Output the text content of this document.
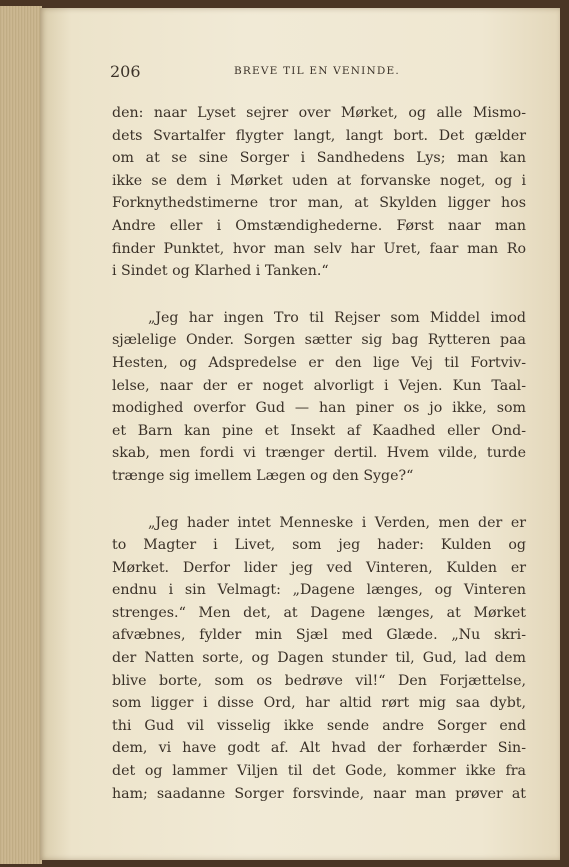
206	BREVE TIL EN VENINDE.

den: naar Lyset sejrer over Mørket, og alle Mismo-
dets Svartalfer flygter langt, langt bort. Det gælder
om at se sine Sorger i Sandhedens Lys; man kan
ikke se dem i Mørket uden at forvanske noget, og i
Forknythedstimerne tror man, at Skylden ligger hos
Andre eller i Omstændighederne. Først naar man
finder Punktet, hvor man selv har Uret, faar man Ro
i Sindet og Klarhed i Tanken.“

„Jeg har ingen Tro til Rejser som Middel imod
sjælelige Onder. Sorgen sætter sig bag Rytteren paa
Hesten, og Adspredelse er den lige Vej til Fortviv-
lelse, naar der er noget alvorligt i Vejen. Kun Taal-
modighed overfor Gud — han piner os jo ikke, som
et Barn kan pine et Insekt af Kaadhed eller Ond-
skab, men fordi vi trænger dertil. Hvem vilde, turde
trænge sig imellem Lægen og den Syge?“

„Jeg hader intet Menneske i Verden, men der er
to Magter i Livet, som jeg hader: Kulden og
Mørket. Derfor lider jeg ved Vinteren, Kulden er
endnu i sin Velmagt: „Dagene længes, og Vinteren
strenges.“ Men det, at Dagene længes, at Mørket
afvæbnes, fylder min Sjæl med Glæde. „Nu skri-
der Natten sorte, og Dagen stunder til, Gud, lad dem
blive borte, som os bedrøve vil!“ Den Forjættelse,
som ligger i disse Ord, har altid rørt mig saa dybt,
thi Gud vil visselig ikke sende andre Sorger end
dem, vi have godt af. Alt hvad der forhærder Sin-
det og lammer Viljen til det Gode, kommer ikke fra
ham; saadanne Sorger forsvinde, naar man prøver at
